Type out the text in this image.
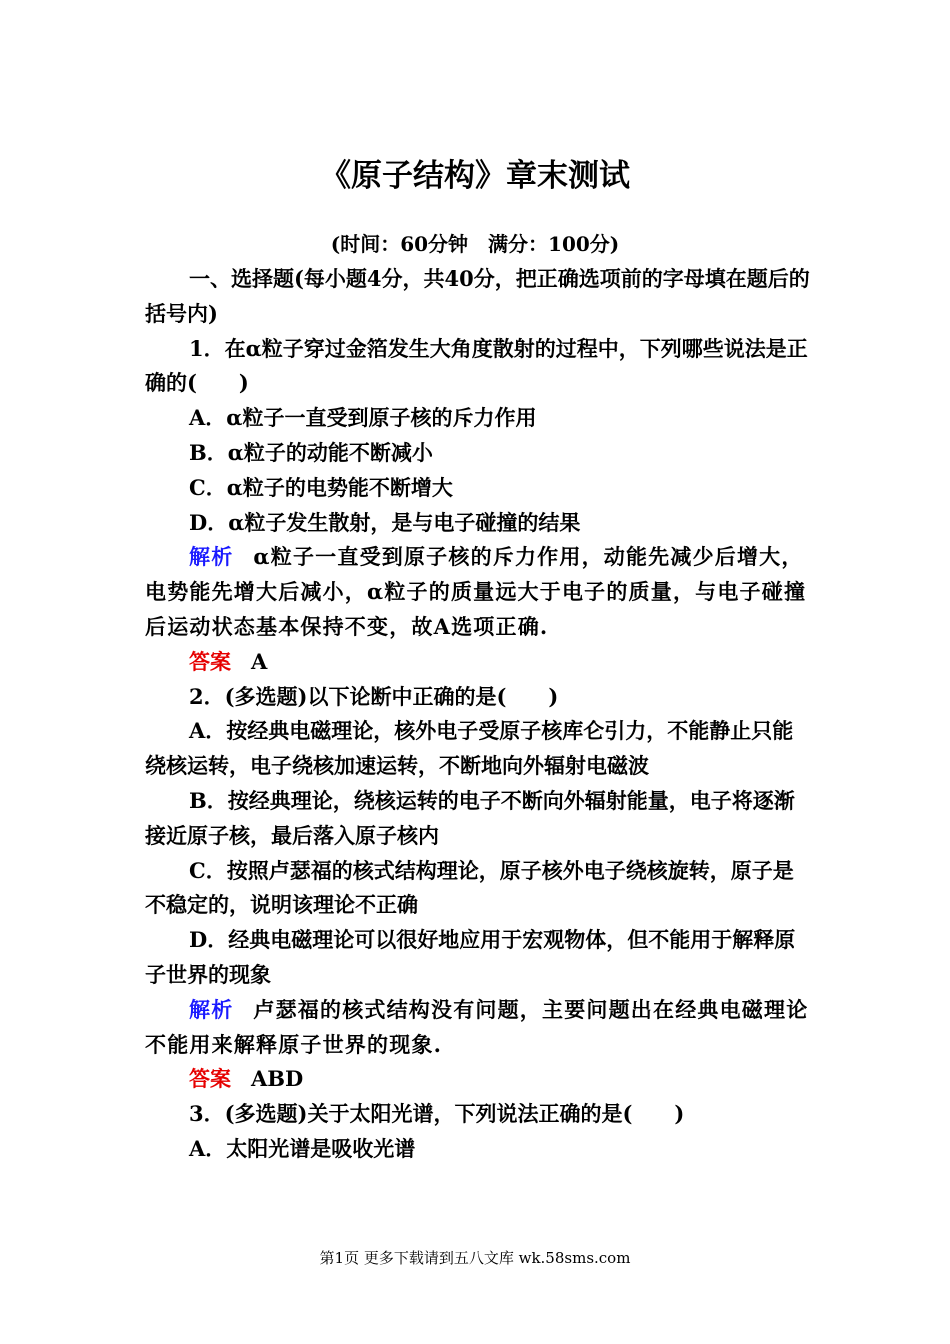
《原子结构》章末测试
(时间：60分钟　满分：100分)

一、选择题(每小题4分，共40分，把正确选项前的字母填在题后的括号内)

1．在α粒子穿过金箔发生大角度散射的过程中，下列哪些说法是正确的(　　)

A．α粒子一直受到原子核的斥力作用

B．α粒子的动能不断减小

C．α粒子的电势能不断增大

D．α粒子发生散射，是与电子碰撞的结果

解析 α粒子一直受到原子核的斥力作用，动能先减少后增大，电势能先增大后减小，α粒子的质量远大于电子的质量，与电子碰撞后运动状态基本保持不变，故A选项正确.

答案 A

2．(多选题)以下论断中正确的是(　　)

A．按经典电磁理论，核外电子受原子核库仑引力，不能静止只能绕核运转，电子绕核加速运转，不断地向外辐射电磁波

B．按经典理论，绕核运转的电子不断向外辐射能量，电子将逐渐接近原子核，最后落入原子核内

C．按照卢瑟福的核式结构理论，原子核外电子绕核旋转，原子是不稳定的，说明该理论不正确

D．经典电磁理论可以很好地应用于宏观物体，但不能用于解释原子世界的现象

解析 卢瑟福的核式结构没有问题，主要问题出在经典电磁理论不能用来解释原子世界的现象.

答案 ABD

3．(多选题)关于太阳光谱，下列说法正确的是(　　)

A．太阳光谱是吸收光谱

第1页 更多下载请到五八文库 wk.58sms.com
